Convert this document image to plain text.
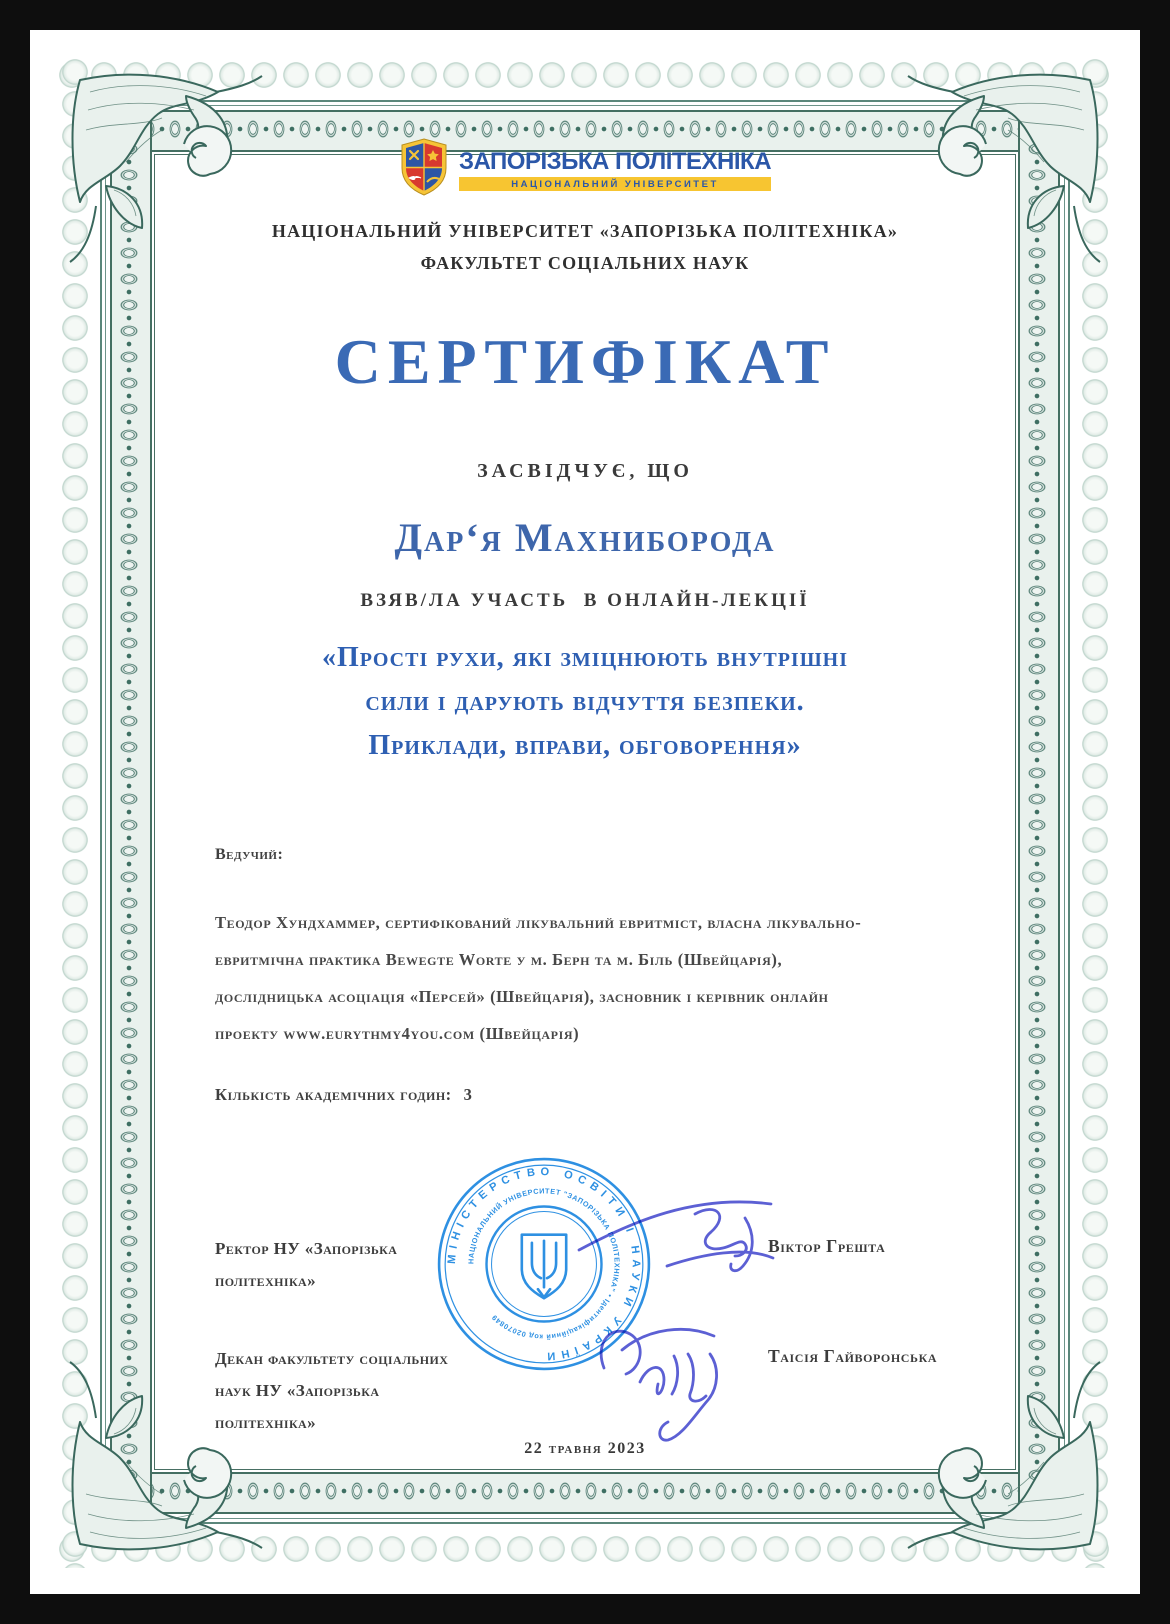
ЗАПОРІЗЬКА ПОЛІТЕХНІКА
НАЦІОНАЛЬНИЙ УНІВЕРСИТЕТ
НАЦІОНАЛЬНИЙ УНІВЕРСИТЕТ «ЗАПОРІЗЬКА ПОЛІТЕХНІКА»
ФАКУЛЬТЕТ СОЦІАЛЬНИХ НАУК
СЕРТИФІКАТ
ЗАСВІДЧУЄ, ЩО
Дар‘я Махниборода
ВЗЯВ/ЛА УЧАСТЬ  В ОНЛАЙН-ЛЕКЦІЇ
«Прості рухи, які зміцнюють внутрішні
сили і дарують відчуття безпеки.
Приклади, вправи, обговорення»
Ведучий:
Теодор Хундхаммер, сертифікований лікувальний евритміст, власна лікувально-евритмічна практика Bewegte Worte у м. Берн та м. Біль (Швейцарія), дослідницька асоціація «Персей» (Швейцарія), засновник і керівник онлайн проекту www.eurythmy4you.com (Швейцарія)
Кількість академічних годин: 3
Ректор НУ «Запорізька
політехніка»
Віктор Грешта
Декан факультету соціальних
наук НУ «Запорізька
політехніка»
Таісія Гайворонська
МІНІСТЕРСТВО ОСВІТИ І НАУКИ УКРАЇНИ
НАЦІОНАЛЬНИЙ УНІВЕРСИТЕТ "ЗАПОРІЗЬКА ПОЛІТЕХНІКА" • Ідентифікаційний код 02070849
22 травня 2023
